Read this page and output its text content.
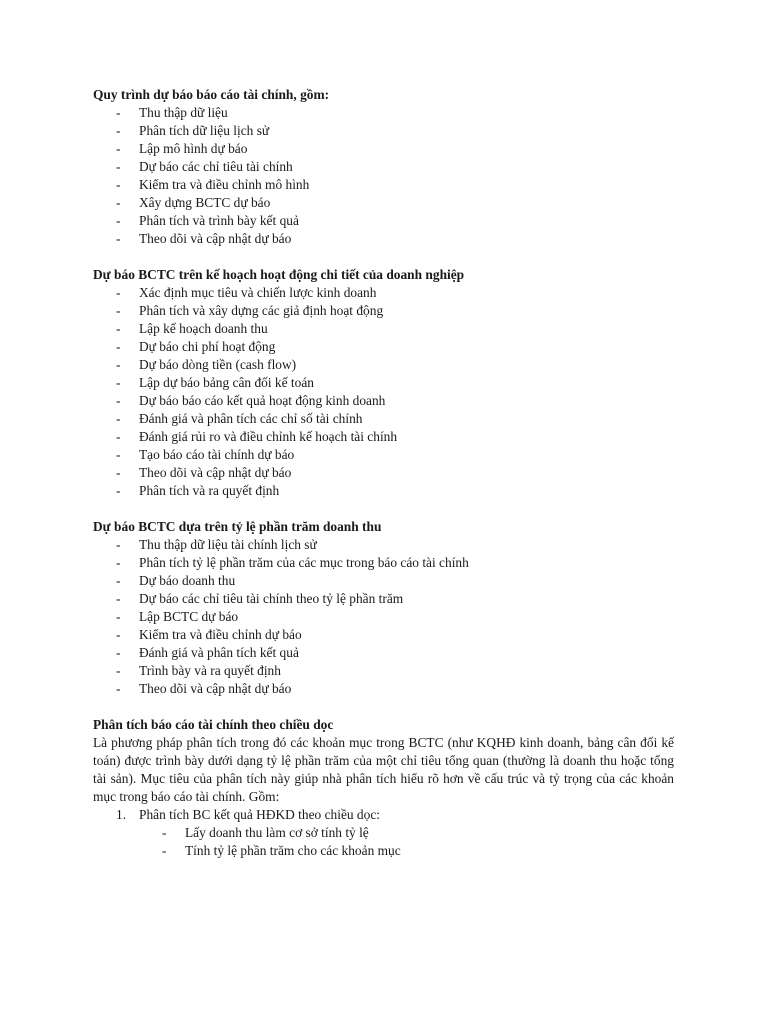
Quy trình dự báo báo cáo tài chính, gồm:

- Thu thập dữ liệu
- Phân tích dữ liệu lịch sử
- Lập mô hình dự báo
- Dự báo các chỉ tiêu tài chính
- Kiểm tra và điều chỉnh mô hình
- Xây dựng BCTC dự báo
- Phân tích và trình bày kết quả
- Theo dõi và cập nhật dự báo

Dự báo BCTC trên kế hoạch hoạt động chi tiết của doanh nghiệp

- Xác định mục tiêu và chiến lược kinh doanh
- Phân tích và xây dựng các giả định hoạt động
- Lập kế hoạch doanh thu
- Dự báo chi phí hoạt động
- Dự báo dòng tiền (cash flow)
- Lập dự báo bảng cân đối kế toán
- Dự báo báo cáo kết quả hoạt động kinh doanh
- Đánh giá và phân tích các chỉ số tài chính
- Đánh giá rủi ro và điều chỉnh kế hoạch tài chính
- Tạo báo cáo tài chính dự báo
- Theo dõi và cập nhật dự báo
- Phân tích và ra quyết định

Dự báo BCTC dựa trên tỷ lệ phần trăm doanh thu

- Thu thập dữ liệu tài chính lịch sử
- Phân tích tỷ lệ phần trăm của các mục trong báo cáo tài chính
- Dự báo doanh thu
- Dự báo các chỉ tiêu tài chính theo tỷ lệ phần trăm
- Lập BCTC dự báo
- Kiểm tra và điều chỉnh dự báo
- Đánh giá và phân tích kết quả
- Trình bày và ra quyết định
- Theo dõi và cập nhật dự báo

Phân tích báo cáo tài chính theo chiều dọc

Là phương pháp phân tích trong đó các khoản mục trong BCTC (như KQHĐ kinh doanh, bảng cân đối kế toán) được trình bày dưới dạng tỷ lệ phần trăm của một chỉ tiêu tổng quan (thường là doanh thu hoặc tổng tài sản). Mục tiêu của phân tích này giúp nhà phân tích hiểu rõ hơn về cấu trúc và tỷ trọng của các khoản mục trong báo cáo tài chính. Gồm:

1. Phân tích BC kết quả HĐKD theo chiều dọc:
- Lấy doanh thu làm cơ sở tính tỷ lệ
- Tính tỷ lệ phần trăm cho các khoản mục
